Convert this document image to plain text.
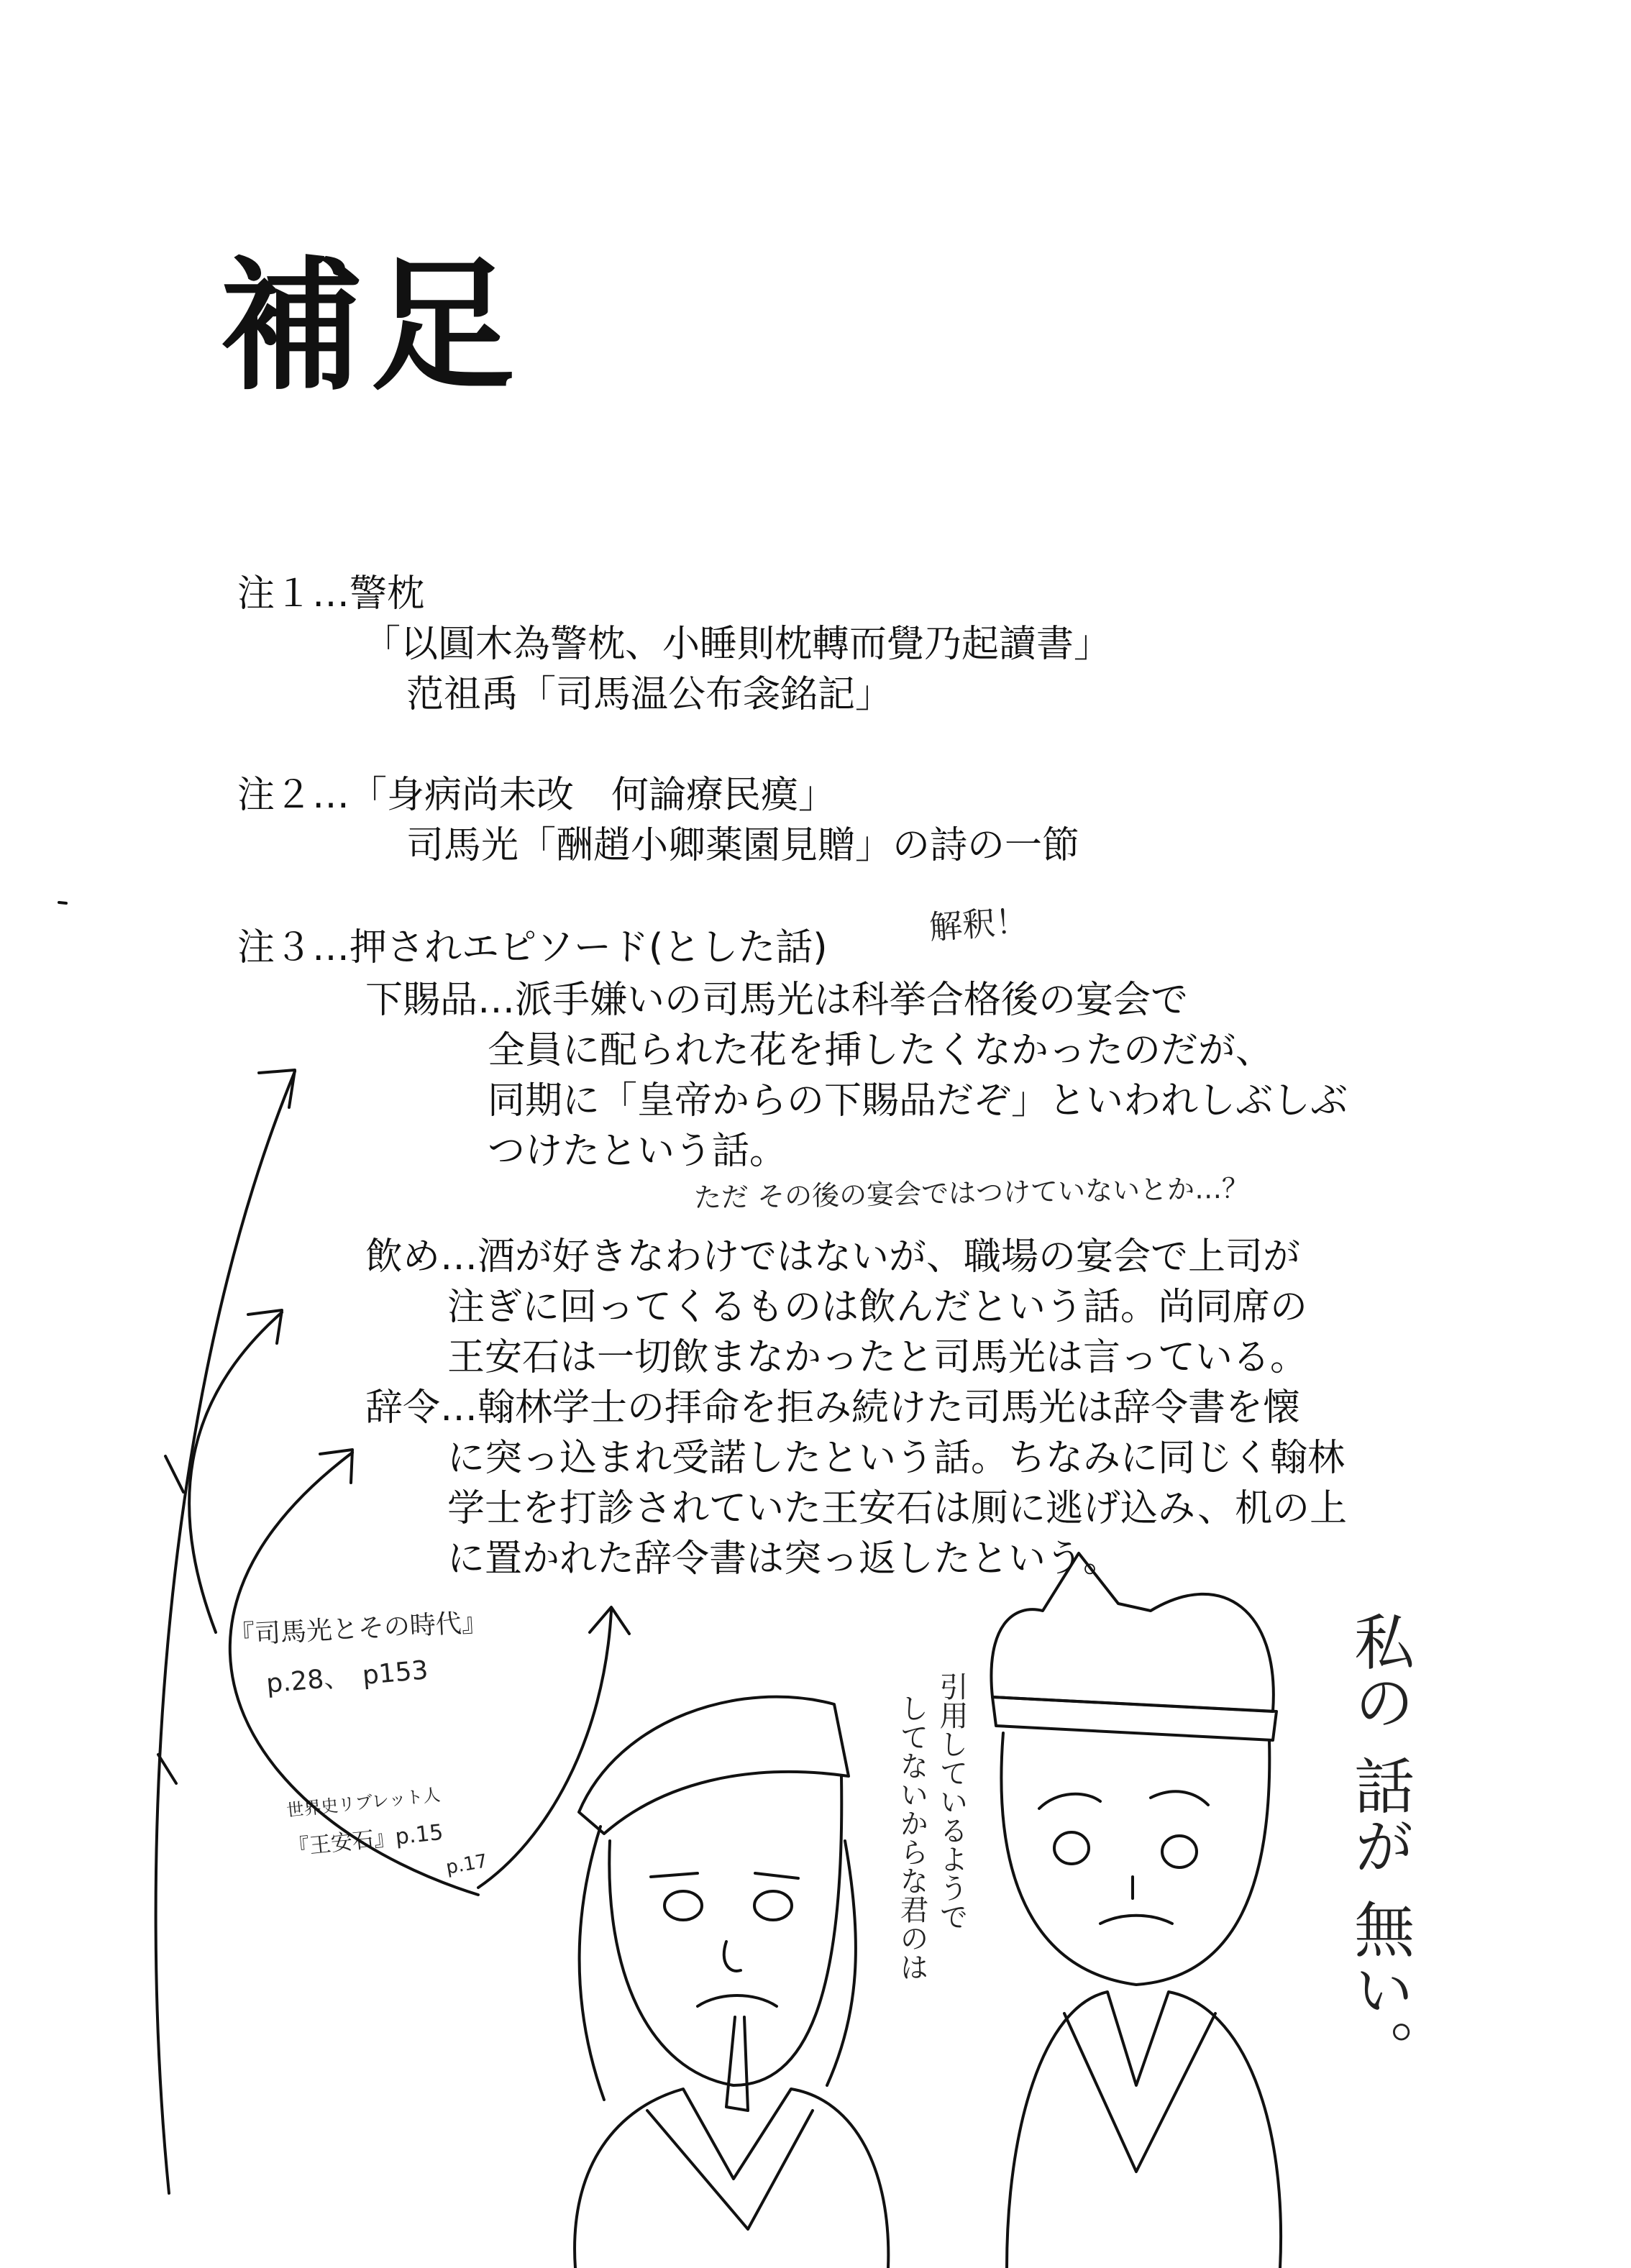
補足
注１…警枕
「以圓木為警枕、小睡則枕轉而覺乃起讀書」
范祖禹「司馬温公布衾銘記」
注２…「身病尚未改　何論療民瘼」
司馬光「酬趙小卿薬園見贈」の詩の一節
注３…押されエピソード(とした話)
解釈！
下賜品…派手嫌いの司馬光は科挙合格後の宴会で
全員に配られた花を挿したくなかったのだが、
同期に「皇帝からの下賜品だぞ」といわれしぶしぶ
つけたという話。
ただ その後の宴会ではつけていないとか…？
飲め…酒が好きなわけではないが、職場の宴会で上司が
注ぎに回ってくるものは飲んだという話。尚同席の
王安石は一切飲まなかったと司馬光は言っている。
辞令…翰林学士の拝命を拒み続けた司馬光は辞令書を懐
に突っ込まれ受諾したという話。ちなみに同じく翰林
学士を打診されていた王安石は厠に逃げ込み、机の上
に置かれた辞令書は突っ返したという。
『司馬光とその時代』
p.28、　p153
世界史リブレット人
『王安石』p.15
p.17	引用しているようで
してないからな君のは
私の
話が
無い。
